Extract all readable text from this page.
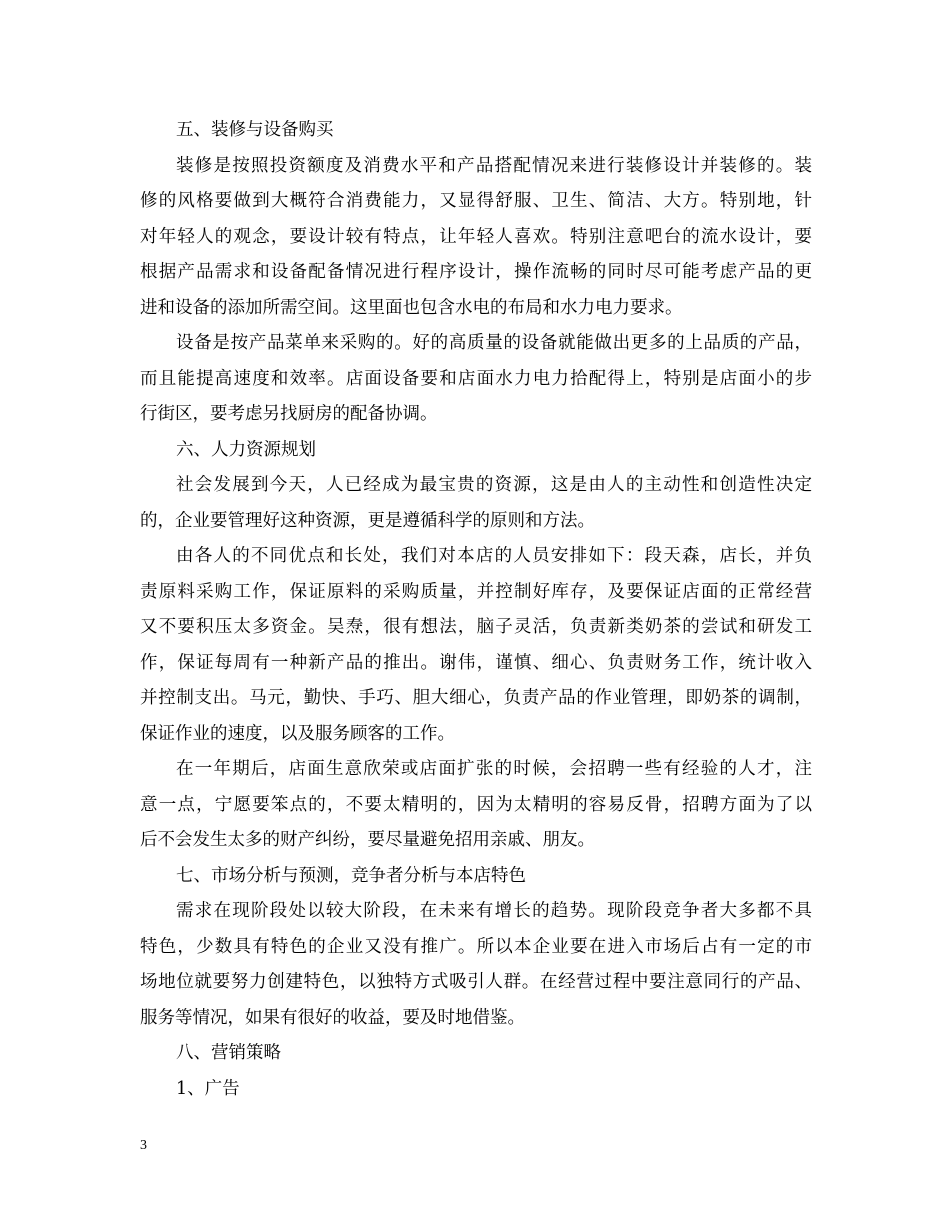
五、装修与设备购买
装修是按照投资额度及消费水平和产品搭配情况来进行装修设计并装修的。装
修的风格要做到大概符合消费能力，又显得舒服、卫生、简洁、大方。特别地，针
对年轻人的观念，要设计较有特点，让年轻人喜欢。特别注意吧台的流水设计，要
根据产品需求和设备配备情况进行程序设计，操作流畅的同时尽可能考虑产品的更
进和设备的添加所需空间。这里面也包含水电的布局和水力电力要求。
设备是按产品菜单来采购的。好的高质量的设备就能做出更多的上品质的产品，
而且能提高速度和效率。店面设备要和店面水力电力拾配得上，特别是店面小的步
行街区，要考虑另找厨房的配备协调。
六、人力资源规划
社会发展到今天，人已经成为最宝贵的资源，这是由人的主动性和创造性决定
的，企业要管理好这种资源，更是遵循科学的原则和方法。
由各人的不同优点和长处，我们对本店的人员安排如下：段天森，店长，并负
责原料采购工作，保证原料的采购质量，并控制好库存，及要保证店面的正常经营
又不要积压太多资金。吴焘，很有想法，脑子灵活，负责新类奶茶的尝试和研发工
作，保证每周有一种新产品的推出。谢伟，谨慎、细心、负责财务工作，统计收入
并控制支出。马元，勤快、手巧、胆大细心，负责产品的作业管理，即奶茶的调制，
保证作业的速度，以及服务顾客的工作。
在一年期后，店面生意欣荣或店面扩张的时候，会招聘一些有经验的人才，注
意一点，宁愿要笨点的，不要太精明的，因为太精明的容易反骨，招聘方面为了以
后不会发生太多的财产纠纷，要尽量避免招用亲戚、朋友。
七、市场分析与预测，竞争者分析与本店特色
需求在现阶段处以较大阶段，在未来有增长的趋势。现阶段竞争者大多都不具
特色，少数具有特色的企业又没有推广。所以本企业要在进入市场后占有一定的市
场地位就要努力创建特色，以独特方式吸引人群。在经营过程中要注意同行的产品、
服务等情况，如果有很好的收益，要及时地借鉴。
八、营销策略
1、广告
3
